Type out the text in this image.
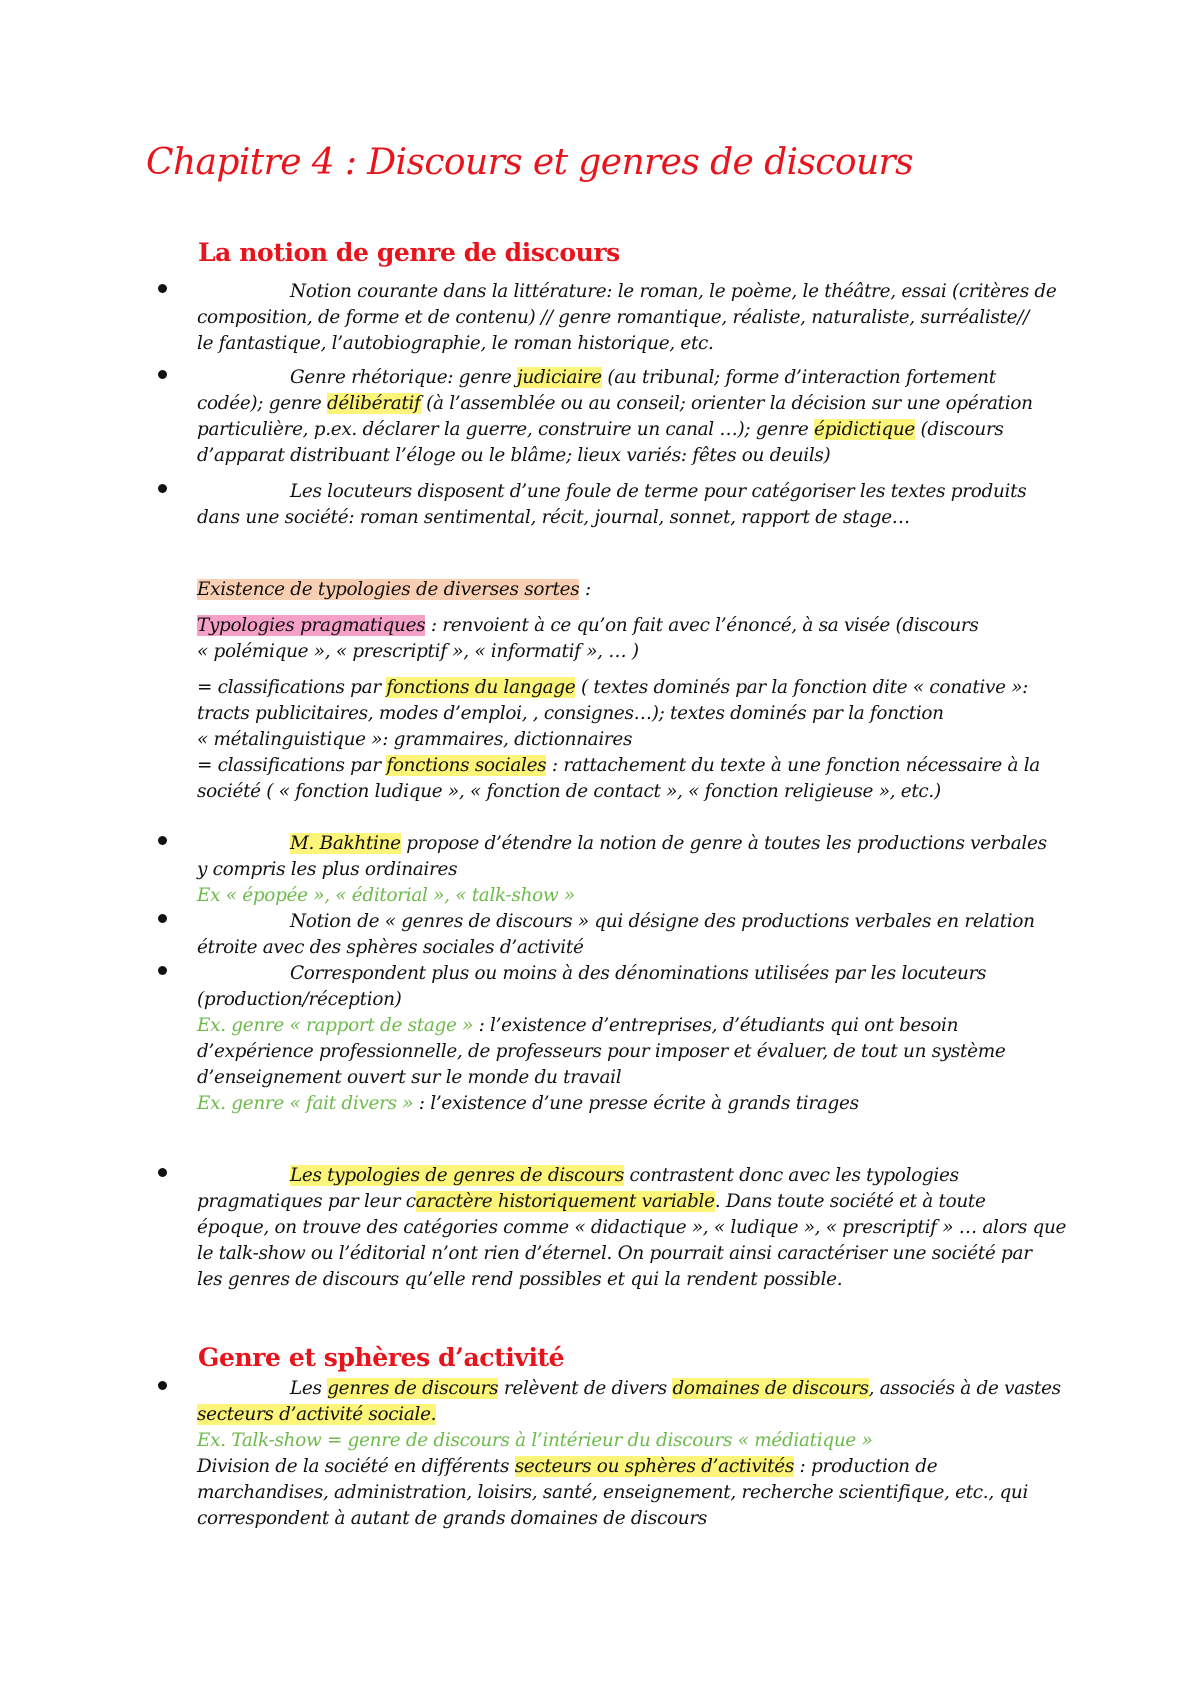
Chapitre 4 : Discours et genres de discours
La notion de genre de discours
Notion courante dans la littérature: le roman, le poème, le théâtre, essai (critères de
composition, de forme et de contenu) // genre romantique, réaliste, naturaliste, surréaliste//
le fantastique, l’autobiographie, le roman historique, etc.
Genre rhétorique: genre judiciaire (au tribunal; forme d’interaction fortement
codée); genre délibératif (à l’assemblée ou au conseil; orienter la décision sur une opération
particulière, p.ex. déclarer la guerre, construire un canal …); genre épidictique (discours
d’apparat distribuant l’éloge ou le blâme; lieux variés: fêtes ou deuils)
Les locuteurs disposent d’une foule de terme pour catégoriser les textes produits
dans une société: roman sentimental, récit, journal, sonnet, rapport de stage…
Existence de typologies de diverses sortes :
Typologies pragmatiques : renvoient à ce qu’on fait avec l’énoncé, à sa visée (discours
« polémique », « prescriptif », « informatif », … )
= classifications par fonctions du langage ( textes dominés par la fonction dite « conative »:
tracts publicitaires, modes d’emploi, , consignes…); textes dominés par la fonction
« métalinguistique »: grammaires, dictionnaires
= classifications par fonctions sociales : rattachement du texte à une fonction nécessaire à la
société ( « fonction ludique », « fonction de contact », « fonction religieuse », etc.)
M. Bakhtine propose d’étendre la notion de genre à toutes les productions verbales
y compris les plus ordinaires
Ex « épopée », « éditorial », « talk-show »
Notion de « genres de discours » qui désigne des productions verbales en relation
étroite avec des sphères sociales d’activité
Correspondent plus ou moins à des dénominations utilisées par les locuteurs
(production/réception)
Ex. genre « rapport de stage » : l’existence d’entreprises, d’étudiants qui ont besoin
d’expérience professionnelle, de professeurs pour imposer et évaluer, de tout un système
d’enseignement ouvert sur le monde du travail
Ex. genre « fait divers » : l’existence d’une presse écrite à grands tirages
Les typologies de genres de discours contrastent donc avec les typologies
pragmatiques par leur caractère historiquement variable. Dans toute société et à toute
époque, on trouve des catégories comme « didactique », « ludique », « prescriptif » … alors que
le talk-show ou l’éditorial n’ont rien d’éternel. On pourrait ainsi caractériser une société par
les genres de discours qu’elle rend possibles et qui la rendent possible.
Genre et sphères d’activité
Les genres de discours relèvent de divers domaines de discours, associés à de vastes
secteurs d’activité sociale.
Ex. Talk-show = genre de discours à l’intérieur du discours « médiatique »
Division de la société en différents secteurs ou sphères d’activités : production de
marchandises, administration, loisirs, santé, enseignement, recherche scientifique, etc., qui
correspondent à autant de grands domaines de discours
